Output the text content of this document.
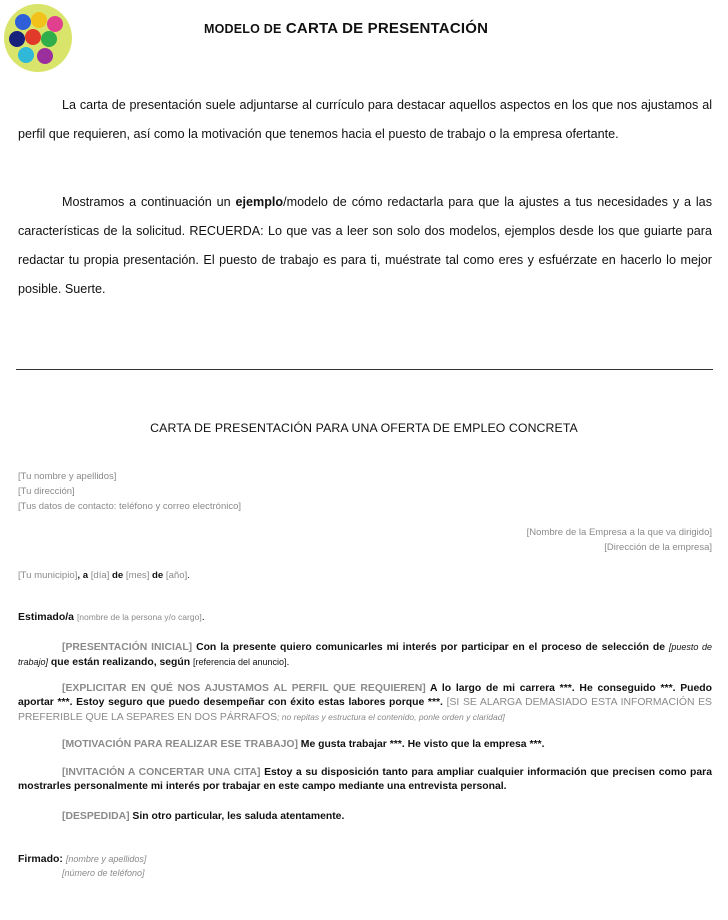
MODELO DE CARTA DE PRESENTACIÓN

La carta de presentación suele adjuntarse al currículo para destacar aquellos aspectos en los que nos ajustamos al perfil que requieren, así como la motivación que tenemos hacia el puesto de trabajo o la empresa ofertante.

Mostramos a continuación un ejemplo/modelo de cómo redactarla para que la ajustes a tus necesidades y a las características de la solicitud. RECUERDA: Lo que vas a leer son solo dos modelos, ejemplos desde los que guiarte para redactar tu propia presentación. El puesto de trabajo es para ti, muéstrate tal como eres y esfuérzate en hacerlo lo mejor posible. Suerte.

CARTA DE PRESENTACIÓN PARA UNA OFERTA DE EMPLEO CONCRETA
[Tu nombre y apellidos]
[Tu dirección]
[Tus datos de contacto: teléfono y correo electrónico]
[Nombre de la Empresa a la que va dirigido]
[Dirección de la empresa]
[Tu municipio], a [día] de [mes] de [año].
Estimado/a [nombre de la persona y/o cargo].
[PRESENTACIÓN INICIAL] Con la presente quiero comunicarles mi interés por participar en el proceso de selección de [puesto de trabajo] que están realizando, según [referencia del anuncio].
[EXPLICITAR EN QUÉ NOS AJUSTAMOS AL PERFIL QUE REQUIEREN] A lo largo de mi carrera ***. He conseguido ***. Puedo aportar ***. Estoy seguro que puedo desempeñar con éxito estas labores porque ***. [SI SE ALARGA DEMASIADO ESTA INFORMACIÓN ES PREFERIBLE QUE LA SEPARES EN DOS PÁRRAFOS; no repitas y estructura el contenido, ponle orden y claridad]
[MOTIVACIÓN PARA REALIZAR ESE TRABAJO] Me gusta trabajar ***. He visto que la empresa ***.
[INVITACIÓN A CONCERTAR UNA CITA] Estoy a su disposición tanto para ampliar cualquier información que precisen como para mostrarles personalmente mi interés por trabajar en este campo mediante una entrevista personal.
[DESPEDIDA] Sin otro particular, les saluda atentamente.
Firmado: [nombre y apellidos]
[número de teléfono]
